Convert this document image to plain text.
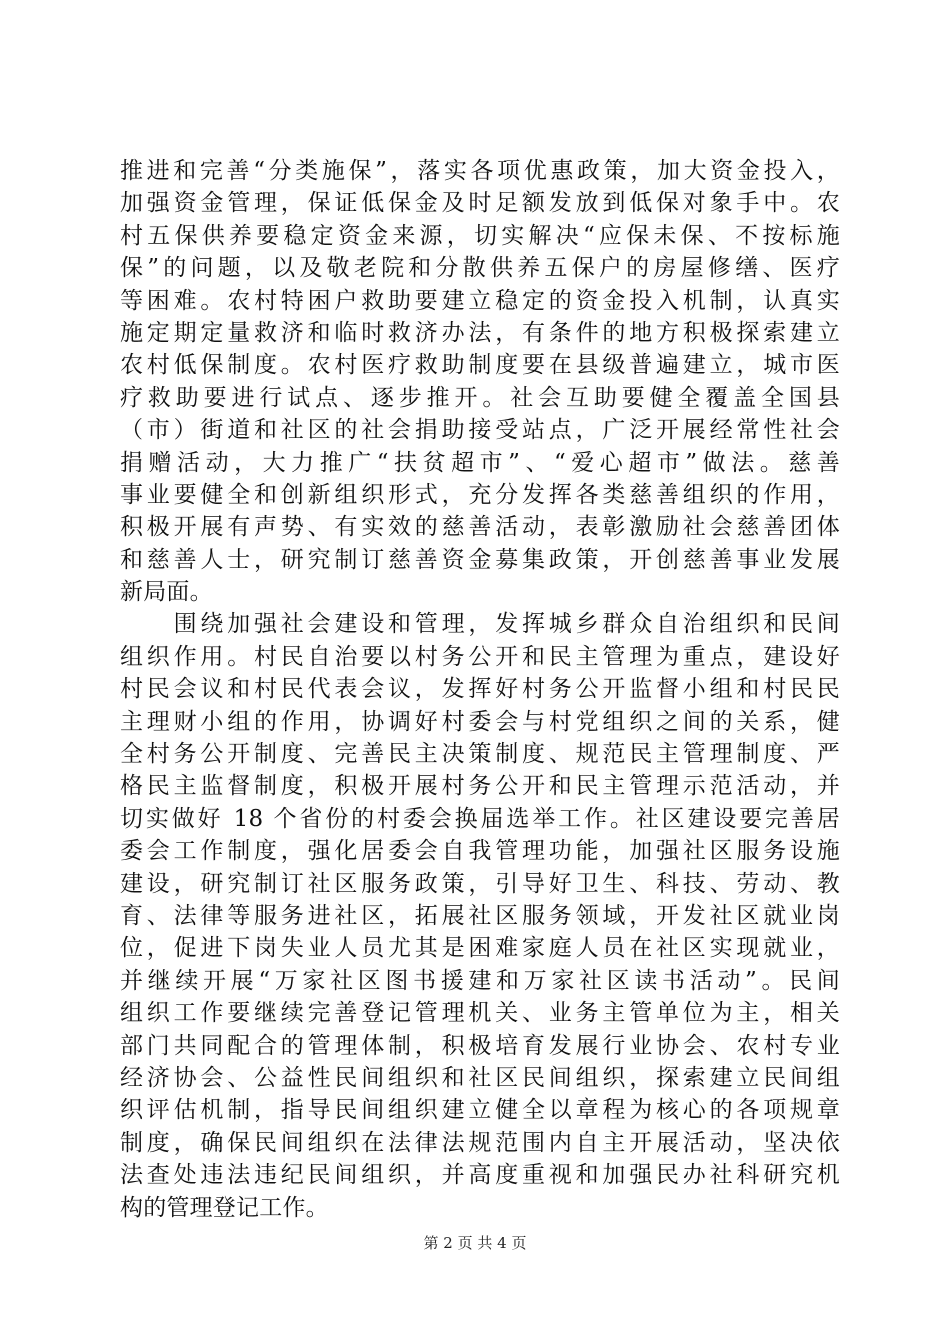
推进和完善“分类施保”，落实各项优惠政策，加大资金投入，
加强资金管理，保证低保金及时足额发放到低保对象手中。农
村五保供养要稳定资金来源，切实解决“应保未保、不按标施
保”的问题，以及敬老院和分散供养五保户的房屋修缮、医疗
等困难。农村特困户救助要建立稳定的资金投入机制，认真实
施定期定量救济和临时救济办法，有条件的地方积极探索建立
农村低保制度。农村医疗救助制度要在县级普遍建立，城市医
疗救助要进行试点、逐步推开。社会互助要健全覆盖全国县
（市）街道和社区的社会捐助接受站点，广泛开展经常性社会
捐赠活动，大力推广“扶贫超市”、“爱心超市”做法。慈善
事业要健全和创新组织形式，充分发挥各类慈善组织的作用，
积极开展有声势、有实效的慈善活动，表彰激励社会慈善团体
和慈善人士，研究制订慈善资金募集政策，开创慈善事业发展
新局面。
　　围绕加强社会建设和管理，发挥城乡群众自治组织和民间
组织作用。村民自治要以村务公开和民主管理为重点，建设好
村民会议和村民代表会议，发挥好村务公开监督小组和村民民
主理财小组的作用，协调好村委会与村党组织之间的关系，健
全村务公开制度、完善民主决策制度、规范民主管理制度、严
格民主监督制度，积极开展村务公开和民主管理示范活动，并
切实做好 18 个省份的村委会换届选举工作。社区建设要完善居
委会工作制度，强化居委会自我管理功能，加强社区服务设施
建设，研究制订社区服务政策，引导好卫生、科技、劳动、教
育、法律等服务进社区，拓展社区服务领域，开发社区就业岗
位，促进下岗失业人员尤其是困难家庭人员在社区实现就业，
并继续开展“万家社区图书援建和万家社区读书活动”。民间
组织工作要继续完善登记管理机关、业务主管单位为主，相关
部门共同配合的管理体制，积极培育发展行业协会、农村专业
经济协会、公益性民间组织和社区民间组织，探索建立民间组
织评估机制，指导民间组织建立健全以章程为核心的各项规章
制度，确保民间组织在法律法规范围内自主开展活动，坚决依
法查处违法违纪民间组织，并高度重视和加强民办社科研究机
构的管理登记工作。
第 2 页 共 4 页
